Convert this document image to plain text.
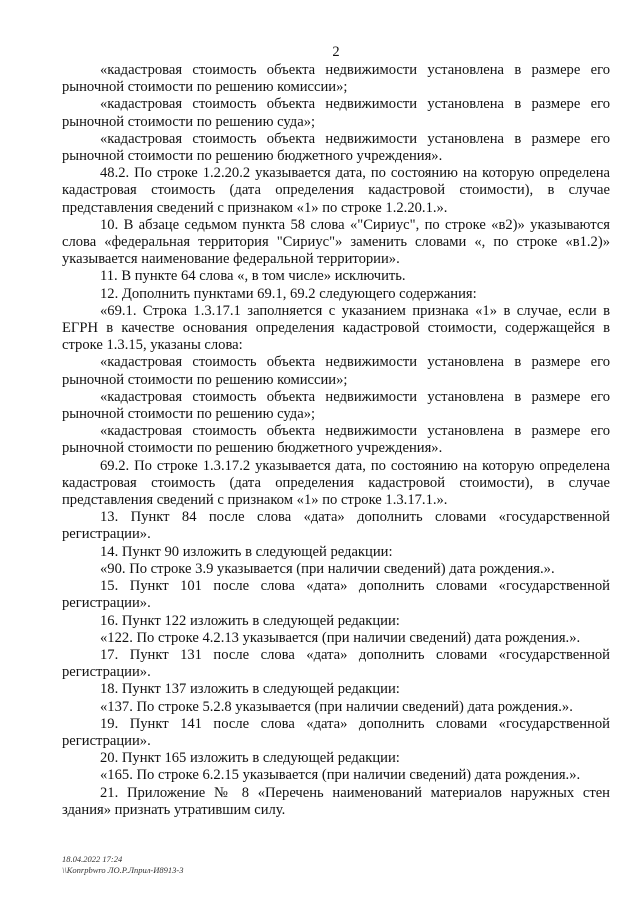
2

«кадастровая стоимость объекта недвижимости установлена в размере его рыночной стоимости по решению комиссии»;

«кадастровая стоимость объекта недвижимости установлена в размере его рыночной стоимости по решению суда»;

«кадастровая стоимость объекта недвижимости установлена в размере его рыночной стоимости по решению бюджетного учреждения».

48.2. По строке 1.2.20.2 указывается дата, по состоянию на которую определена кадастровая стоимость (дата определения кадастровой стоимости), в случае представления сведений с признаком «1» по строке 1.2.20.1.».

10. В абзаце седьмом пункта 58 слова «"Сириус", по строке «в2)» указываются слова «федеральная территория "Сириус"» заменить словами «, по строке «в1.2)» указывается наименование федеральной территории».

11. В пункте 64 слова «, в том числе» исключить.

12. Дополнить пунктами 69.1, 69.2 следующего содержания:

«69.1. Строка 1.3.17.1 заполняется с указанием признака «1» в случае, если в ЕГРН в качестве основания определения кадастровой стоимости, содержащейся в строке 1.3.15, указаны слова:

«кадастровая стоимость объекта недвижимости установлена в размере его рыночной стоимости по решению комиссии»;

«кадастровая стоимость объекта недвижимости установлена в размере его рыночной стоимости по решению суда»;

«кадастровая стоимость объекта недвижимости установлена в размере его рыночной стоимости по решению бюджетного учреждения».

69.2. По строке 1.3.17.2 указывается дата, по состоянию на которую определена кадастровая стоимость (дата определения кадастровой стоимости), в случае представления сведений с признаком «1» по строке 1.3.17.1.».

13. Пункт 84 после слова «дата» дополнить словами «государственной регистрации».

14. Пункт 90 изложить в следующей редакции:

«90. По строке 3.9 указывается (при наличии сведений) дата рождения.».

15. Пункт 101 после слова «дата» дополнить словами «государственной регистрации».

16. Пункт 122 изложить в следующей редакции:

«122. По строке 4.2.13 указывается (при наличии сведений) дата рождения.».

17. Пункт 131 после слова «дата» дополнить словами «государственной регистрации».

18. Пункт 137 изложить в следующей редакции:

«137. По строке 5.2.8 указывается (при наличии сведений) дата рождения.».

19. Пункт 141 после слова «дата» дополнить словами «государственной регистрации».

20. Пункт 165 изложить в следующей редакции:

«165. По строке 6.2.15 указывается (при наличии сведений) дата рождения.».

21. Приложение № 8 «Перечень наименований материалов наружных стен здания» признать утратившим силу.

18.04.2022 17:24
\\Konrpbwro ЛО.Р.Лприл-И8913-3
